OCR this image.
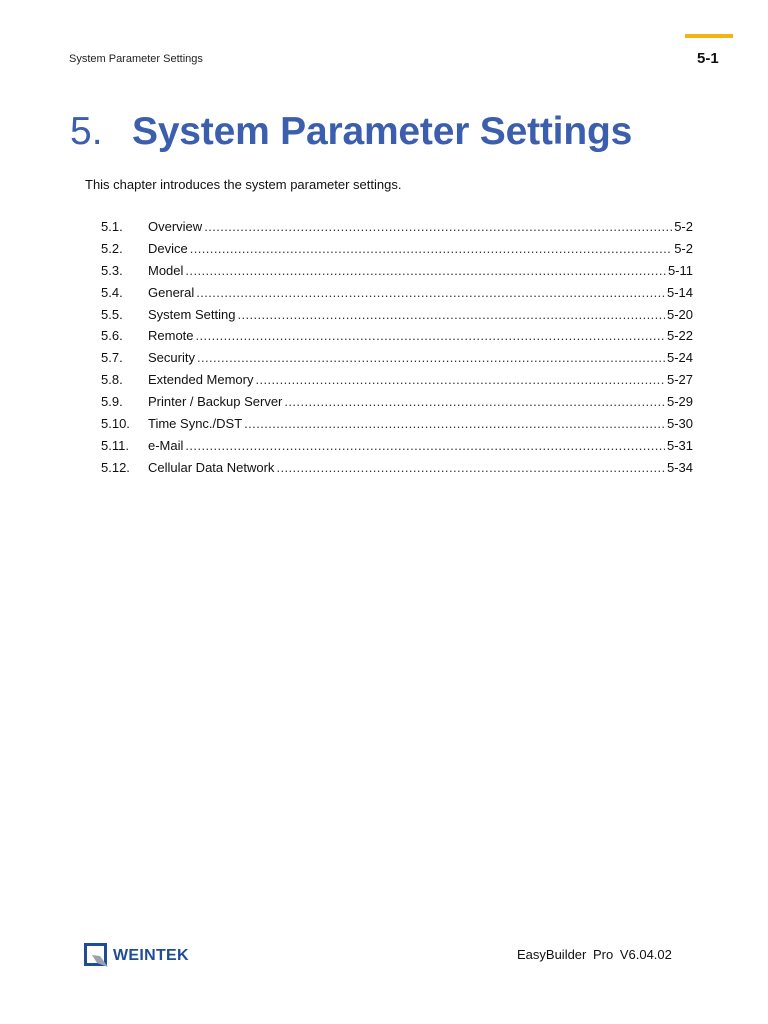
System Parameter Settings	5-1
5. System Parameter Settings
This chapter introduces the system parameter settings.
5.1.	Overview .....	5-2
5.2.	Device .....	5-2
5.3.	Model .....	5-11
5.4.	General .....	5-14
5.5.	System Setting .....	5-20
5.6.	Remote .....	5-22
5.7.	Security .....	5-24
5.8.	Extended Memory .....	5-27
5.9.	Printer / Backup Server .....	5-29
5.10.	Time Sync./DST .....	5-30
5.11.	e-Mail .....	5-31
5.12.	Cellular Data Network .....	5-34
WEINTEK	EasyBuilder Pro V6.04.02
